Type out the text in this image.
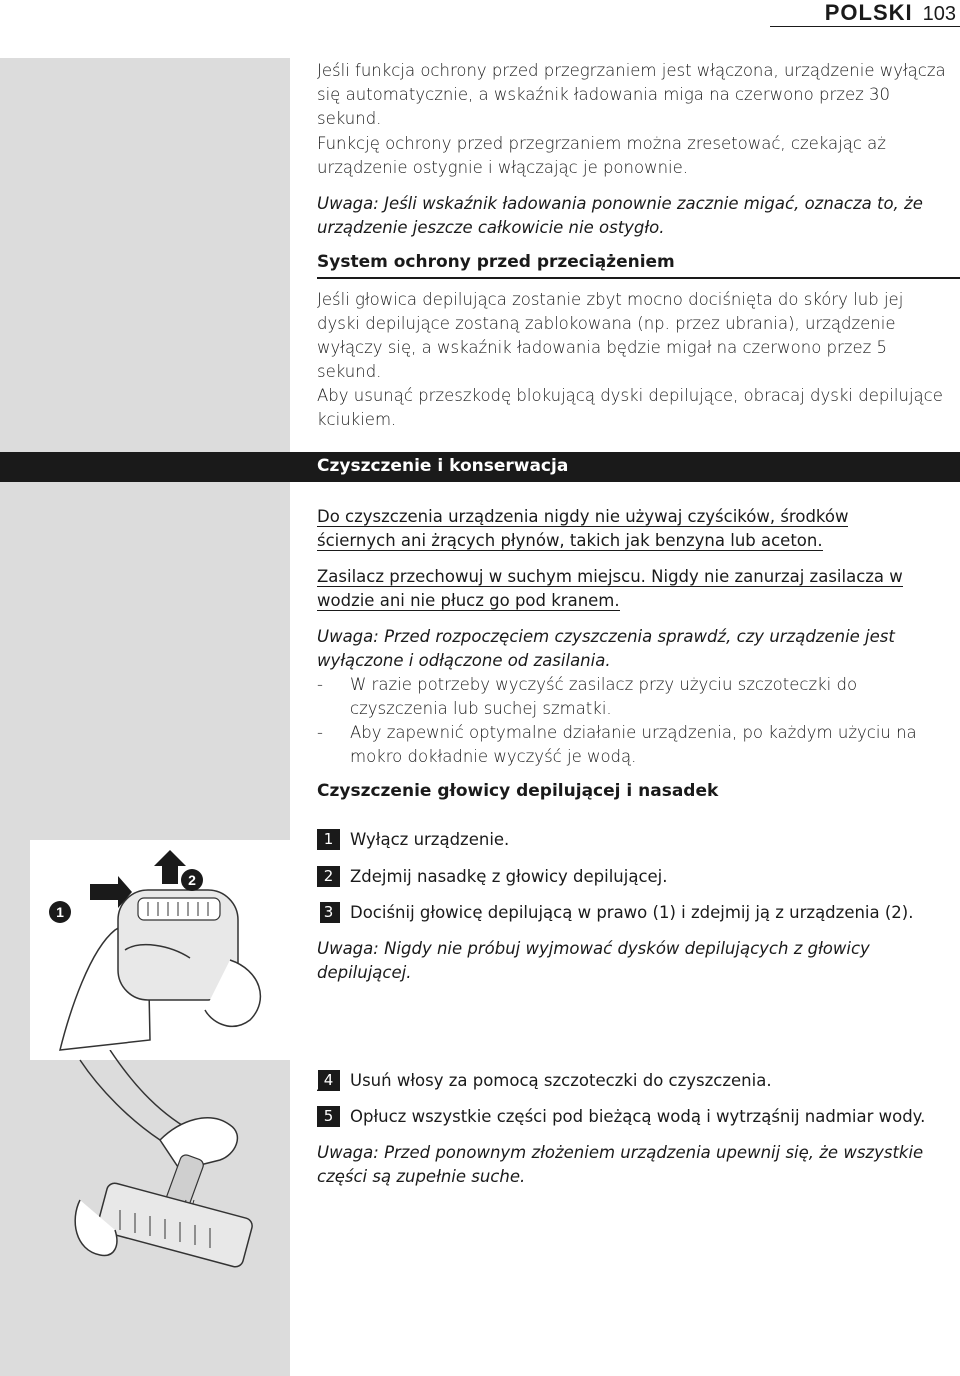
POLSKI 103
Jeśli funkcja ochrony przed przegrzaniem jest włączona, urządzenie wyłącza się automatycznie, a wskaźnik ładowania miga na czerwono przez 30 sekund.
Funkcję ochrony przed przegrzaniem można zresetować, czekając aż urządzenie ostygnie i włączając je ponownie.
Uwaga: Jeśli wskaźnik ładowania ponownie zacznie migać, oznacza to, że urządzenie jeszcze całkowicie nie ostygło.
System ochrony przed przeciążeniem
Jeśli głowica depilująca zostanie zbyt mocno dociśnięta do skóry lub jej dyski depilujące zostaną zablokowana (np. przez ubrania), urządzenie wyłączy się, a wskaźnik ładowania będzie migał na czerwono przez 5 sekund.
Aby usunąć przeszkodę blokującą dyski depilujące, obracaj dyski depilujące kciukiem.
Czyszczenie i konserwacja
Do czyszczenia urządzenia nigdy nie używaj czyścików, środków
ściernych ani żrących płynów, takich jak benzyna lub aceton.
Zasilacz przechowuj w suchym miejscu. Nigdy nie zanurzaj zasilacza w
wodzie ani nie płucz go pod kranem.
Uwaga: Przed rozpoczęciem czyszczenia sprawdź, czy urządzenie jest wyłączone i odłączone od zasilania.
- W razie potrzeby wyczyść zasilacz przy użyciu szczoteczki do czyszczenia lub suchej szmatki.
- Aby zapewnić optymalne działanie urządzenia, po każdym użyciu na mokro dokładnie wyczyść je wodą.
Czyszczenie głowicy depilującej i nasadek
1	Wyłącz urządzenie.
2	Zdejmij nasadkę z głowicy depilującej.
3	Dociśnij głowicę depilującą w prawo (1) i zdejmij ją z urządzenia (2).
Uwaga: Nigdy nie próbuj wyjmować dysków depilujących z głowicy depilującej.
4	Usuń włosy za pomocą szczoteczki do czyszczenia.
5	Opłucz wszystkie części pod bieżącą wodą i wytrząśnij nadmiar wody.
Uwaga: Przed ponownym złożeniem urządzenia upewnij się, że wszystkie części są zupełnie suche.
1
2
